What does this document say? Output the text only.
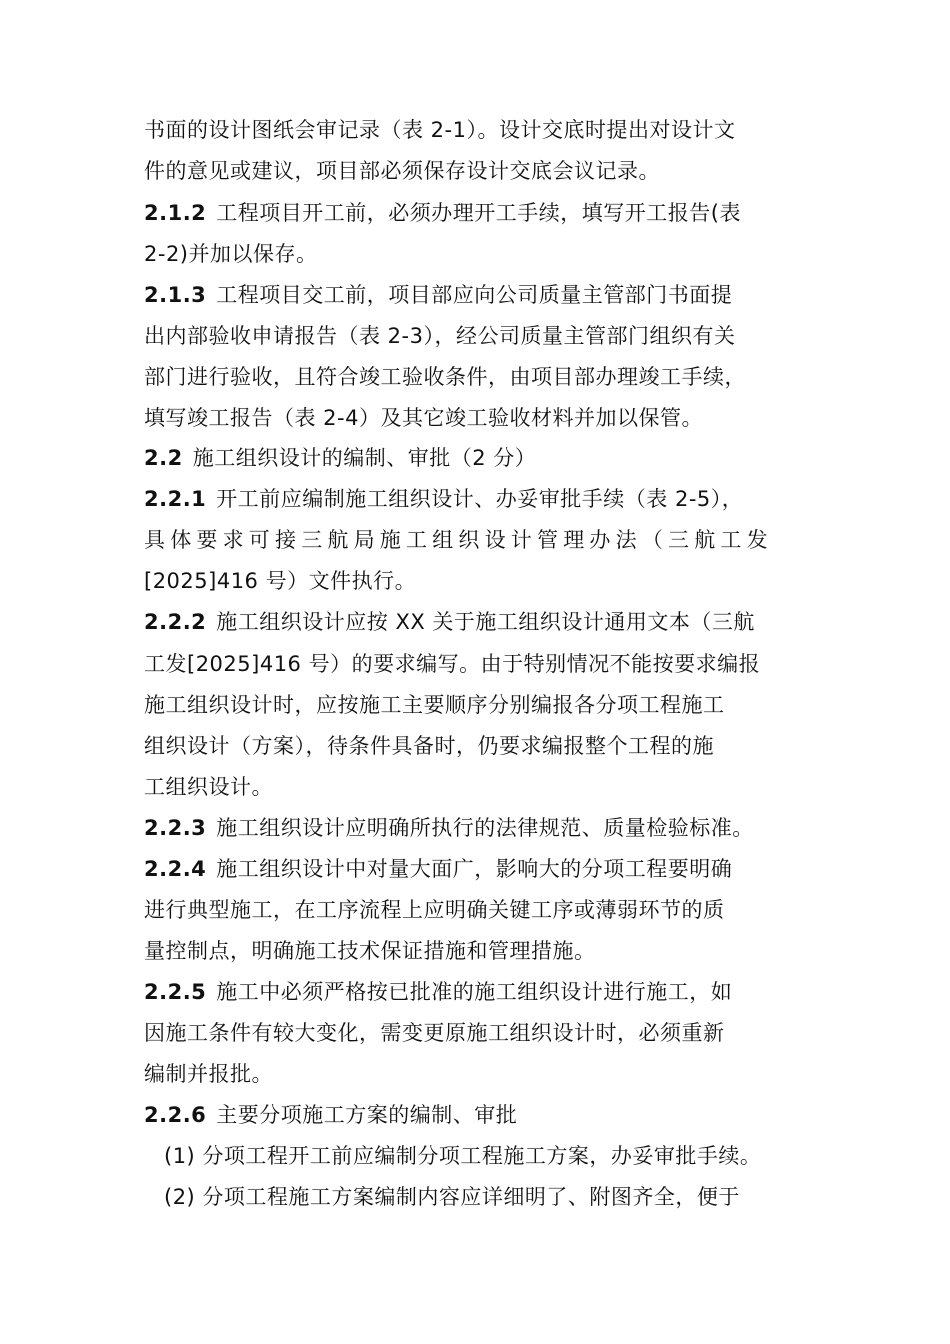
书面的设计图纸会审记录（表 2-1）。设计交底时提出对设计文
件的意见或建议，项目部必须保存设计交底会议记录。
2.1.2 工程项目开工前，必须办理开工手续，填写开工报告(表
2-2)并加以保存。
2.1.3 工程项目交工前，项目部应向公司质量主管部门书面提
出内部验收申请报告（表 2-3），经公司质量主管部门组织有关
部门进行验收，且符合竣工验收条件，由项目部办理竣工手续，
填写竣工报告（表 2-4）及其它竣工验收材料并加以保管。
2.2 施工组织设计的编制、审批（2 分）
2.2.1 开工前应编制施工组织设计、办妥审批手续（表 2-5），
具体要求可接三航局施工组织设计管理办法（三航工发
[2025]416 号）文件执行。
2.2.2 施工组织设计应按 XX 关于施工组织设计通用文本（三航
工发[2025]416 号）的要求编写。由于特别情况不能按要求编报
施工组织设计时，应按施工主要顺序分别编报各分项工程施工
组织设计（方案），待条件具备时，仍要求编报整个工程的施
工组织设计。
2.2.3 施工组织设计应明确所执行的法律规范、质量检验标准。
2.2.4 施工组织设计中对量大面广，影响大的分项工程要明确
进行典型施工，在工序流程上应明确关键工序或薄弱环节的质
量控制点，明确施工技术保证措施和管理措施。
2.2.5 施工中必须严格按已批准的施工组织设计进行施工，如
因施工条件有较大变化，需变更原施工组织设计时，必须重新
编制并报批。
2.2.6 主要分项施工方案的编制、审批
(1) 分项工程开工前应编制分项工程施工方案，办妥审批手续。
(2) 分项工程施工方案编制内容应详细明了、附图齐全，便于
